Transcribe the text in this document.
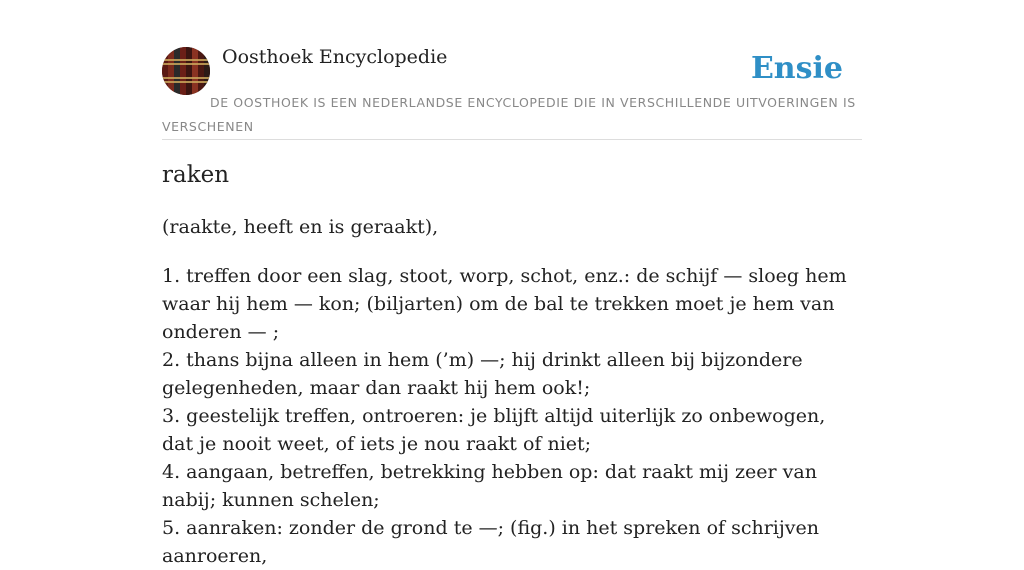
Oosthoek Encyclopedie	Ensie
DE OOSTHOEK IS EEN NEDERLANDSE ENCYCLOPEDIE DIE IN VERSCHILLENDE UITVOERINGEN IS VERSCHENEN
raken
(raakte, heeft en is geraakt),
1. treffen door een slag, stoot, worp, schot, enz.: de schijf — sloeg hem waar hij hem — kon; (biljarten) om de bal te trekken moet je hem van onderen — ;
2. thans bijna alleen in hem (’m) —; hij drinkt alleen bij bijzondere gelegenheden, maar dan raakt hij hem ook!;
3. geestelijk treffen, ontroeren: je blijft altijd uiterlijk zo onbewogen, dat je nooit weet, of iets je nou raakt of niet;
4. aangaan, betreffen, betrekking hebben op: dat raakt mij zeer van nabij; kunnen schelen;
5. aanraken: zonder de grond te —; (fig.) in het spreken of schrijven aanroeren,
